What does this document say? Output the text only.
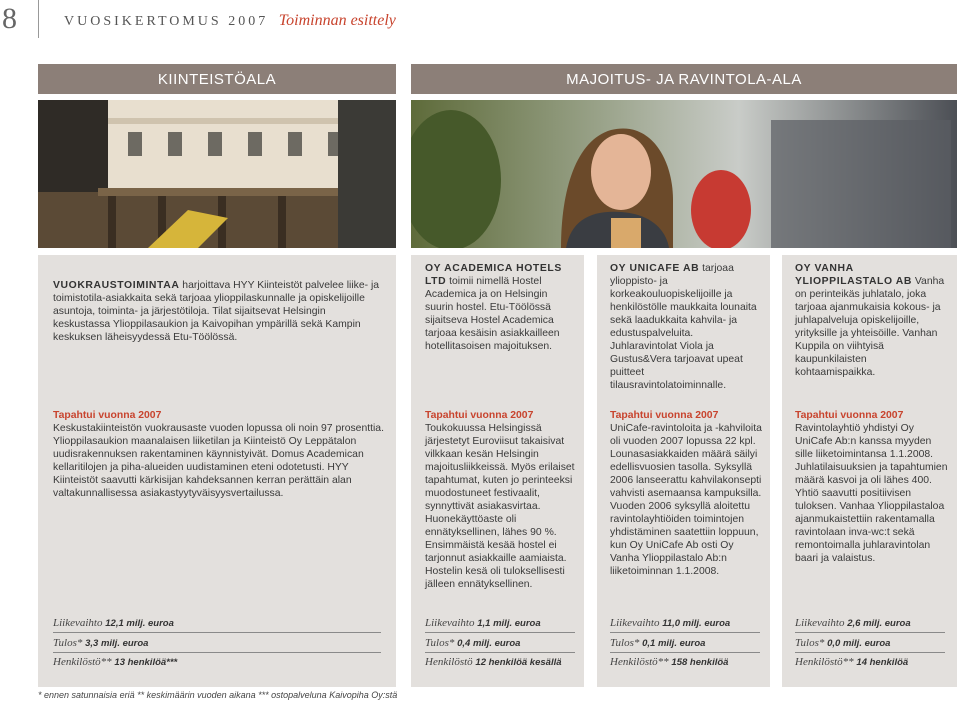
8	VUOSIKERTOMUS 2007 Toiminnan esittely
KIINTEISTÖALA	MAJOITUS- JA RAVINTOLA-ALA
VUOKRAUSTOIMINTAA harjoittava HYY Kiinteistöt palvelee liike- ja toimistotila-asiakkaita sekä tarjoaa ylioppilaskunnalle ja opiskelijoille asuntoja, toiminta- ja järjestötiloja. Tilat sijaitsevat Helsingin keskustassa Ylioppilasaukion ja Kaivopihan ympärillä sekä Kampin keskuksen läheisyydessä Etu-Töölössä.
OY ACADEMICA HOTELS LTD toimii nimellä Hostel Academica ja on Helsingin suurin hostel. Etu-Töölössä sijaitseva Hostel Academica tarjoaa kesäisin asiakkailleen hotellitasoisen majoituksen.
OY UNICAFE AB tarjoaa ylioppisto- ja korkeakouluopiskelijoille ja henkilöstölle maukkaita lounaita sekä laadukkaita kahvila- ja edustuspalveluita. Juhlaravintolat Viola ja Gustus&Vera tarjoavat upeat puitteet tilausravintolatoiminnalle.
OY VANHA YLIOPPILASTALO AB Vanha on perinteikäs juhlatalo, joka tarjoaa ajanmukaisia kokous- ja juhlapalveluja opiskelijoille, yrityksille ja yhteisöille. Vanhan Kuppila on viihtyisä kaupunkilaisten kohtaamispaikka.
Tapahtui vuonna 2007
Keskustakiinteistön vuokrausaste vuoden lopussa oli noin 97 prosenttia. Ylioppilasaukion maanalaisen liiketilan ja Kiinteistö Oy Leppätalon uudisrakennuksen rakentaminen käynnistyivät. Domus Academican kellaritilojen ja piha-alueiden uudistaminen eteni odotetusti. HYY Kiinteistöt saavutti kärkisijan kahdeksannen kerran perättäin alan valtakunnallisessa asiakastyytyväisyysvertailussa.
Tapahtui vuonna 2007
Toukokuussa Helsingissä järjestetyt Euroviisut takaisivat vilkkaan kesän Helsingin majoitusliikkeissä. Myös erilaiset tapahtumat, kuten jo perinteeksi muodostuneet festivaalit, synnyttivät asiakasvirtaa. Huonekäyttöaste oli ennätyksellinen, lähes 90 %. Ensimmäistä kesää hostel ei tarjonnut asiakkaille aamiaista. Hostelin kesä oli tuloksellisesti jälleen ennätyksellinen.
Tapahtui vuonna 2007
UniCafe-ravintoloita ja -kahviloita oli vuoden 2007 lopussa 22 kpl. Lounasasiakkaiden määrä säilyi edellisvuosien tasolla. Syksyllä 2006 lanseerattu kahvilakonsepti vahvisti asemaansa kampuksilla. Vuoden 2006 syksyllä aloitettu ravintolayhtiöiden toimintojen yhdistäminen saatettiin loppuun, kun Oy UniCafe Ab osti Oy Vanha Ylioppilastalo Ab:n liiketoiminnan 1.1.2008.
Tapahtui vuonna 2007
Ravintolayhtiö yhdistyi Oy UniCafe Ab:n kanssa myyden sille liiketoimintansa 1.1.2008. Juhlatilaisuuksien ja tapahtumien määrä kasvoi ja oli lähes 400. Yhtiö saavutti positiivisen tuloksen. Vanhaa Ylioppilastaloa ajanmukaistettiin rakentamalla ravintolaan inva-wc:t sekä remontoimalla juhlaravintolan baari ja valaistus.
Liikevaihto 12,1 milj. euroa
Tulos* 3,3 milj. euroa
Henkilöstö** 13 henkilöä***
Liikevaihto 1,1 milj. euroa
Tulos* 0,4 milj. euroa
Henkilöstö 12 henkilöä kesällä
Liikevaihto 11,0 milj. euroa
Tulos* 0,1 milj. euroa
Henkilöstö** 158 henkilöä
Liikevaihto 2,6 milj. euroa
Tulos* 0,0 milj. euroa
Henkilöstö** 14 henkilöä
* ennen satunnaisia eriä ** keskimäärin vuoden aikana *** ostopalveluna Kaivopiha Oy:stä
